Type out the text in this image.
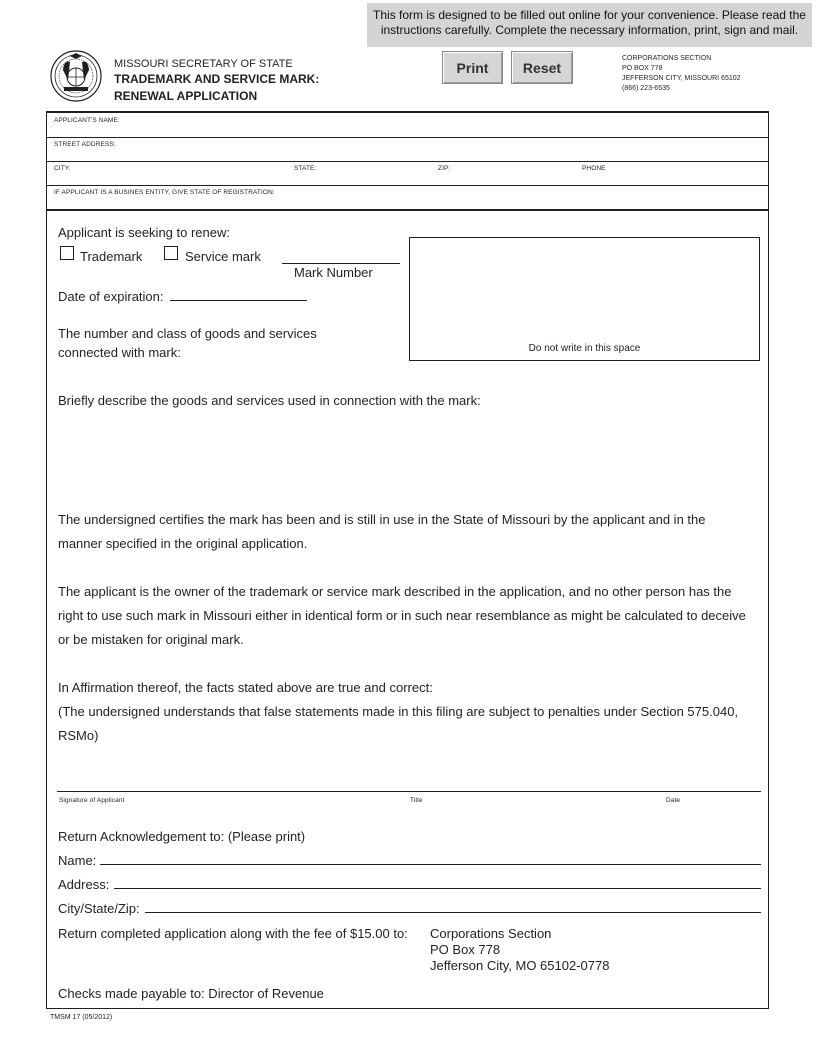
This form is designed to be filled out online for your convenience. Please read the
instructions carefully. Complete the necessary information, print, sign and mail.
MISSOURI SECRETARY OF STATE
TRADEMARK AND SERVICE MARK:
RENEWAL APPLICATION
Print	Reset
CORPORATIONS SECTION
PO BOX 778
JEFFERSON CITY, MISSOURI 65102
(866) 223-6535
APPLICANT'S NAME:
STREET ADDRESS:
CITY:	STATE:	ZIP:	PHONE
IF APPLICANT IS A BUSINES ENTITY, GIVE STATE OF REGISTRATION:
Applicant is seeking to renew:
Trademark	Service mark
Mark Number
Date of expiration:
The number and class of goods and services
connected with mark:	Do not write in this space
Briefly describe the goods and services used in connection with the mark:
The undersigned certifies the mark has been and is still in use in the State of Missouri by the applicant and in the
manner specified in the original application.
The applicant is the owner of the trademark or service mark described in the application, and no other person has the
right to use such mark in Missouri either in identical form or in such near resemblance as might be calculated to deceive
or be mistaken for original mark.
In Affirmation thereof, the facts stated above are true and correct:
(The undersigned understands that false statements made in this filing are subject to penalties under Section 575.040,
RSMo)
Signature of Applicant	Title	Date
Return Acknowledgement to: (Please print)
Name:
Address:
City/State/Zip:
Return completed application along with the fee of $15.00 to: Corporations Section
PO Box 778
Jefferson City, MO 65102-0778
Checks made payable to: Director of Revenue
TMSM 17 (05/2012)
